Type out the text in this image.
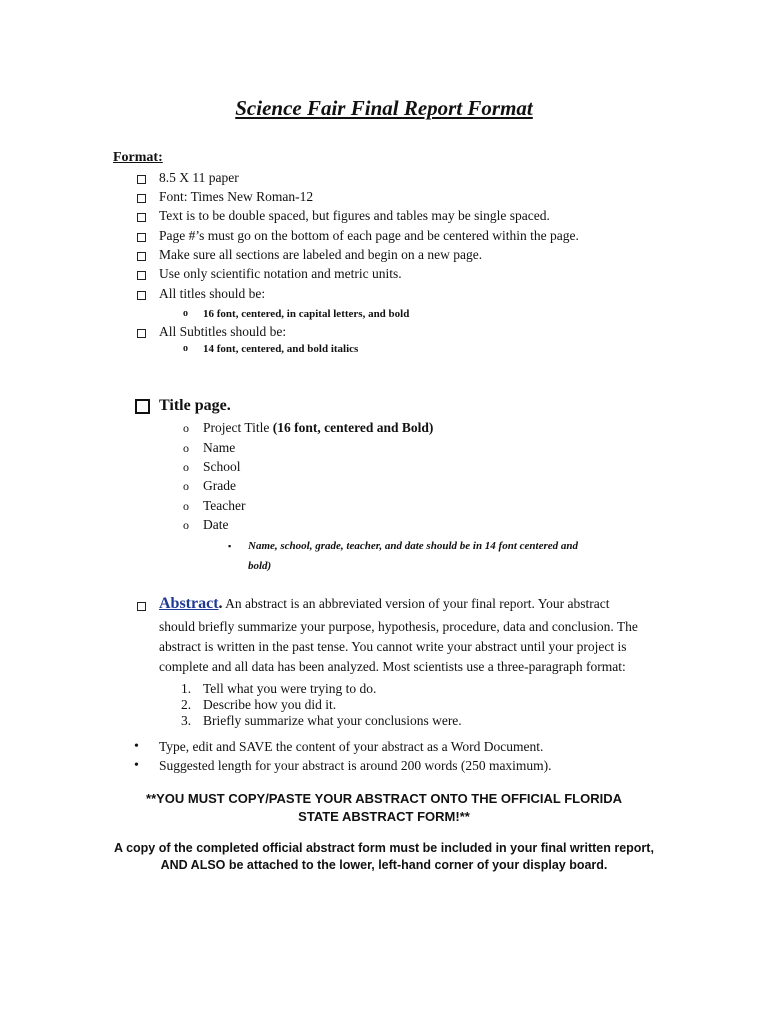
Science Fair Final Report Format
Format:
8.5 X 11 paper
Font: Times New Roman-12
Text is to be double spaced, but figures and tables may be single spaced.
Page #’s must go on the bottom of each page and be centered within the page.
Make sure all sections are labeled and begin on a new page.
Use only scientific notation and metric units.
All titles should be:
o 16 font, centered, in capital letters, and bold
All Subtitles should be:
o 14 font, centered, and bold italics
Title page.
o Project Title (16 font, centered and Bold)
o Name
o School
o Grade
o Teacher
o Date
▪ Name, school, grade, teacher, and date should be in 14 font centered and
bold)
Abstract. An abstract is an abbreviated version of your final report. Your abstract
should briefly summarize your purpose, hypothesis, procedure, data and conclusion. The
abstract is written in the past tense. You cannot write your abstract until your project is
complete and all data has been analyzed. Most scientists use a three-paragraph format:
1. Tell what you were trying to do.
2. Describe how you did it.
3. Briefly summarize what your conclusions were.
• Type, edit and SAVE the content of your abstract as a Word Document.
• Suggested length for your abstract is around 200 words (250 maximum).
**YOU MUST COPY/PASTE YOUR ABSTRACT ONTO THE OFFICIAL FLORIDA
STATE ABSTRACT FORM!**
A copy of the completed official abstract form must be included in your final written report,
AND ALSO be attached to the lower, left-hand corner of your display board.
